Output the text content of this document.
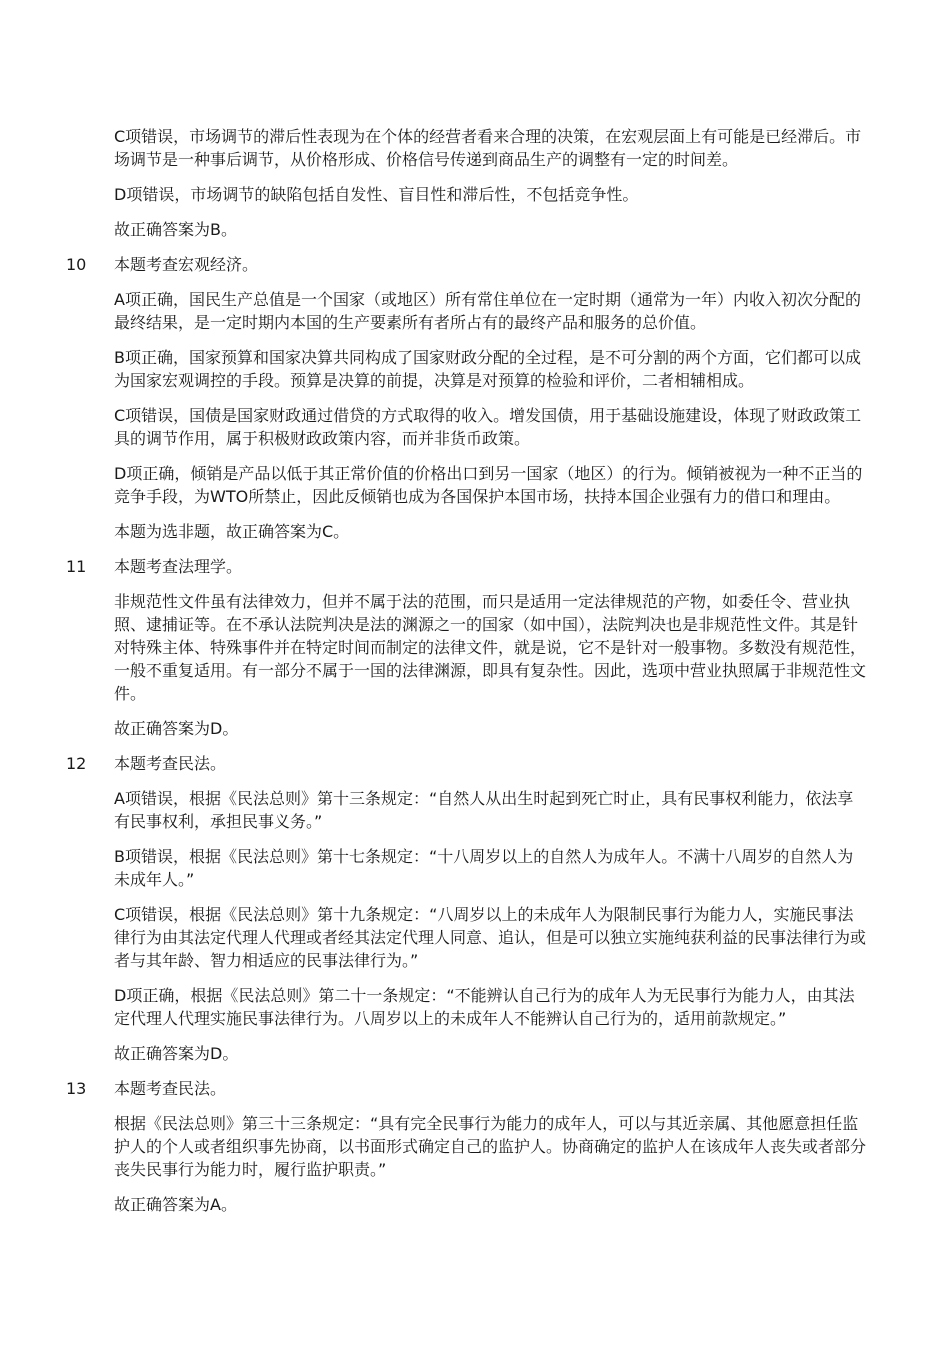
C项错误，市场调节的滞后性表现为在个体的经营者看来合理的决策，在宏观层面上有可能是已经滞后。市场调节是一种事后调节，从价格形成、价格信号传递到商品生产的调整有一定的时间差。
D项错误，市场调节的缺陷包括自发性、盲目性和滞后性，不包括竞争性。
故正确答案为B。
10	本题考查宏观经济。
A项正确，国民生产总值是一个国家（或地区）所有常住单位在一定时期（通常为一年）内收入初次分配的最终结果，是一定时期内本国的生产要素所有者所占有的最终产品和服务的总价值。
B项正确，国家预算和国家决算共同构成了国家财政分配的全过程，是不可分割的两个方面，它们都可以成为国家宏观调控的手段。预算是决算的前提，决算是对预算的检验和评价，二者相辅相成。
C项错误，国债是国家财政通过借贷的方式取得的收入。增发国债，用于基础设施建设，体现了财政政策工具的调节作用，属于积极财政政策内容，而并非货币政策。
D项正确，倾销是产品以低于其正常价值的价格出口到另一国家（地区）的行为。倾销被视为一种不正当的竞争手段，为WTO所禁止，因此反倾销也成为各国保护本国市场，扶持本国企业强有力的借口和理由。
本题为选非题，故正确答案为C。
11	本题考查法理学。
非规范性文件虽有法律效力，但并不属于法的范围，而只是适用一定法律规范的产物，如委任令、营业执照、逮捕证等。在不承认法院判决是法的渊源之一的国家（如中国），法院判决也是非规范性文件。其是针对特殊主体、特殊事件并在特定时间而制定的法律文件，就是说，它不是针对一般事物。多数没有规范性，一般不重复适用。有一部分不属于一国的法律渊源，即具有复杂性。因此，选项中营业执照属于非规范性文件。
故正确答案为D。
12	本题考查民法。
A项错误，根据《民法总则》第十三条规定：“自然人从出生时起到死亡时止，具有民事权利能力，依法享有民事权利，承担民事义务。”
B项错误，根据《民法总则》第十七条规定：“十八周岁以上的自然人为成年人。不满十八周岁的自然人为未成年人。”
C项错误，根据《民法总则》第十九条规定：“八周岁以上的未成年人为限制民事行为能力人，实施民事法律行为由其法定代理人代理或者经其法定代理人同意、追认，但是可以独立实施纯获利益的民事法律行为或者与其年龄、智力相适应的民事法律行为。”
D项正确，根据《民法总则》第二十一条规定：“不能辨认自己行为的成年人为无民事行为能力人，由其法定代理人代理实施民事法律行为。八周岁以上的未成年人不能辨认自己行为的，适用前款规定。”
故正确答案为D。
13	本题考查民法。
根据《民法总则》第三十三条规定：“具有完全民事行为能力的成年人，可以与其近亲属、其他愿意担任监护人的个人或者组织事先协商，以书面形式确定自己的监护人。协商确定的监护人在该成年人丧失或者部分丧失民事行为能力时，履行监护职责。”
故正确答案为A。
